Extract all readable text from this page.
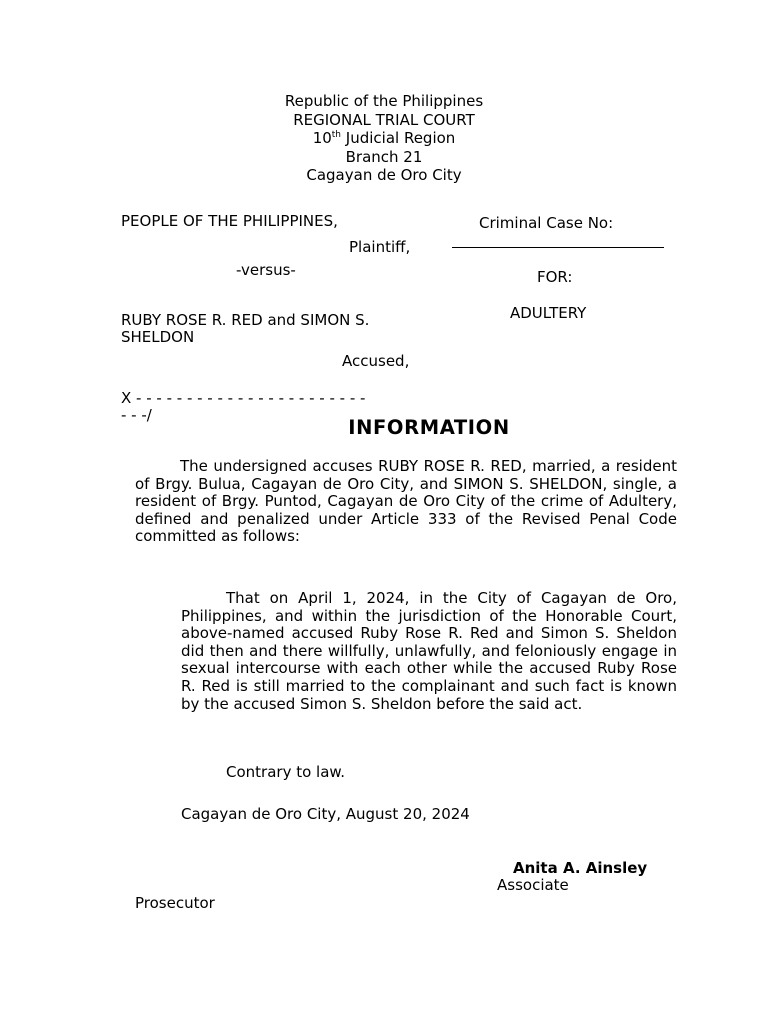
Republic of the Philippines
REGIONAL TRIAL COURT
10th Judicial Region
Branch 21
Cagayan de Oro City
PEOPLE OF THE PHILIPPINES,
Plaintiff,
-versus-
RUBY ROSE R. RED and SIMON S.
SHELDON
Accused,
X - - - - - - - - - - - - - - - - - - - - - - -
- - -/
Criminal Case No:
FOR:
ADULTERY
INFORMATION
The undersigned accuses RUBY ROSE R. RED, married, a resident of Brgy. Bulua, Cagayan de Oro City, and SIMON S. SHELDON, single, a resident of Brgy. Puntod, Cagayan de Oro City of the crime of Adultery, defined and penalized under Article 333 of the Revised Penal Code committed as follows:
That on April 1, 2024, in the City of Cagayan de Oro, Philippines, and within the jurisdiction of the Honorable Court, above-named accused Ruby Rose R. Red and Simon S. Sheldon did then and there willfully, unlawfully, and feloniously engage in sexual intercourse with each other while the accused Ruby Rose R. Red is still married to the complainant and such fact is known by the accused Simon S. Sheldon before the said act.
Contrary to law.
Cagayan de Oro City, August 20, 2024
Anita A. Ainsley
Associate
Prosecutor
